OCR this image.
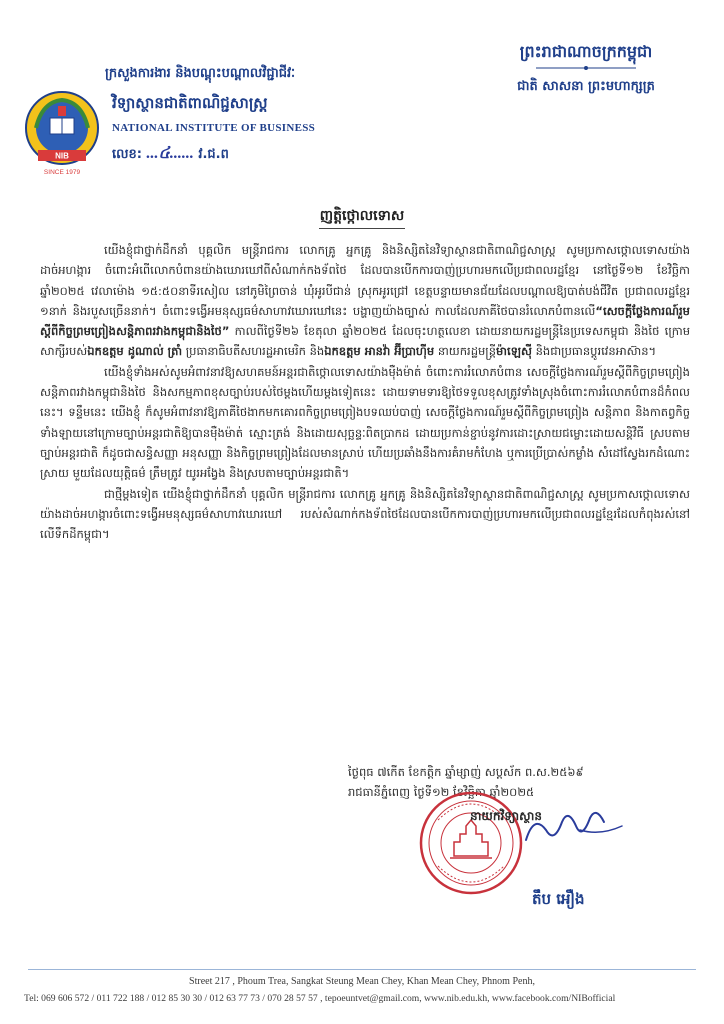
ព្រះរាជាណាចក្រកម្ពុជា
ជាតិ សាសនា ព្រះមហាក្សត្រ
ក្រសួងការងារ និងបណ្តុះបណ្តាលវិជ្ជាជីវៈ
NIB
SINCE 1979
វិទ្យាស្ថានជាតិពាណិជ្ជសាស្ត្រ
NATIONAL INSTITUTE OF BUSINESS
លេខ: ...៤...... វ.ជ.ព
ញត្តិថ្កោលទោស

យើងខ្ញុំជាថ្នាក់ដឹកនាំ បុគ្គលិក មន្ត្រីរាជការ លោកគ្រូ អ្នកគ្រូ និងនិស្សិតនៃវិទ្យាស្ថានជាតិពាណិជ្ជសាស្ត្រ សូមប្រកាសថ្កោលទោសយ៉ាងដាច់អហង្ការ ចំពោះអំពើលោកបំពានយ៉ាងឃោរឃៅពីសំណាក់កងទ័ពថៃ ដែលបានបើកការបាញ់ប្រហារមកលើប្រជាពលរដ្ឋខ្មែរ នៅថ្ងៃទី១២ ខែវិច្ឆិកា ឆ្នាំ២០២៥ វេលាម៉ោង ១៥:៥០នាទីរសៀល នៅភូមិព្រៃចាន់ ឃុំអូរបីជាន់ ស្រុកអូរជ្រៅ ខេត្តបន្ទាយមានជ័យដែលបណ្តាលឱ្យបាត់បង់ជីវិត ប្រជាពលរដ្ឋខ្មែរ ១នាក់ និងរបួសច្រើននាក់។ ចំពោះទង្វើអមនុស្សធម៌សាហាវឃោរឃៅនេះ បង្ហាញយ៉ាងច្បាស់ កាលដែលភាគីថៃបានរំលោភបំពានលើ“សេចក្តីថ្លែងការណ៍រួមស្តីពីកិច្ចព្រមព្រៀងសន្តិភាពរវាងកម្ពុជានិងថៃ” កាលពីថ្ងៃទី២៦ ខែតុលា ឆ្នាំ២០២៥ ដែលចុះហត្ថលេខា ដោយនាយករដ្ឋមន្ត្រីនៃប្រទេសកម្ពុជា និងថៃ ក្រោម សាក្សីរបស់ឯកឧត្តម ដូណាល់ ត្រាំ ប្រធានាធិបតីសហរដ្ឋអាមេរិក និងឯកឧត្តម អានវ៉ា អ៊ីប្រាហ៊ីម នាយករដ្ឋមន្ត្រីម៉ាឡេស៊ី និងជាប្រធានប្តូរវេនអាស៊ាន។

យើងខ្ញុំទាំងអស់សូមអំពាវនាវឱ្យសហគមន៍អន្តរជាតិថ្កោលទោសយ៉ាងម៉ឺងម៉ាត់ ចំពោះការរំលោភបំពាន សេចក្តីថ្លែងការណ៍រួមស្តីពីកិច្ចព្រមព្រៀងសន្តិភាពរវាងកម្ពុជានិងថៃ និងសកម្មភាពខុសច្បាប់របស់ថៃម្តងហើយម្តងទៀតនេះ ដោយទាមទារឱ្យថៃទទួលខុសត្រូវទាំងស្រុងចំពោះការរំលោភបំពានដ៏កំពលនេះ។ ទន្ទឹមនេះ យើងខ្ញុំ ក៏សូមអំពាវនាវឱ្យភាគីថៃងាកមកគោរពកិច្ចព្រមព្រៀងបទឈប់បាញ់ សេចក្តីថ្លែងការណ៍រួមស្តីពីកិច្ចព្រមព្រៀង សន្តិភាព និងកាតព្វកិច្ចទាំងឡាយនៅក្រោមច្បាប់អន្តរជាតិឱ្យបានម៉ឺងម៉ាត់ ស្មោះត្រង់ និងដោយសុច្ឆន្ទៈពិតប្រាកដ ដោយប្រកាន់ខ្ជាប់នូវការដោះស្រាយជម្លោះដោយសន្តិវិធី ស្របតាមច្បាប់អន្តរជាតិ ក៏ដូចជាសន្ធិសញ្ញា អនុសញ្ញា និងកិច្ចព្រមព្រៀងដែលមានស្រាប់ ហើយប្រឆាំងនឹងការគំរាមកំហែង ឬការប្រើប្រាស់កម្លាំង សំដៅស្វែងរកដំណោះស្រាយ មួយដែលយុត្តិធម៌ ត្រឹមត្រូវ យូរអង្វែង និងស្របតាមច្បាប់អន្តរជាតិ។

ជាថ្មីម្តងទៀត យើងខ្ញុំជាថ្នាក់ដឹកនាំ បុគ្គលិក មន្ត្រីរាជការ លោកគ្រូ អ្នកគ្រូ និងនិស្សិតនៃវិទ្យាស្ថានជាតិពាណិជ្ជសាស្ត្រ សូមប្រកាសថ្កោលទោសយ៉ាងដាច់អហង្ការចំពោះទង្វើអមនុស្សធម៌សាហាវឃោរឃៅ របស់សំណាក់កងទ័ពថៃដែលបានបើកការបាញ់ប្រហារមកលើប្រជាពលរដ្ឋខ្មែរដែលកំពុងរស់នៅលើទឹកដីកម្ពុជា។

ថ្ងៃពុធ ៧កើត ខែកត្តិក ឆ្នាំម្សាញ់ សប្តស័ក ព.ស.២៥៦៩
រាជធានីភ្នំពេញ ថ្ងៃទី១២ ខែវិច្ឆិកា ឆ្នាំ២០២៥
នាយកវិទ្យាស្ថាន
តឹប អឿង
Street 217 , Phoum Trea, Sangkat Steung Mean Chey, Khan Mean Chey, Phnom Penh,
Tel: 069 606 572 / 011 722 188 / 012 85 30 30 / 012 63 77 73 / 070 28 57 57 , tepoeuntvet@gmail.com, www.nib.edu.kh, www.facebook.com/NIBofficial
